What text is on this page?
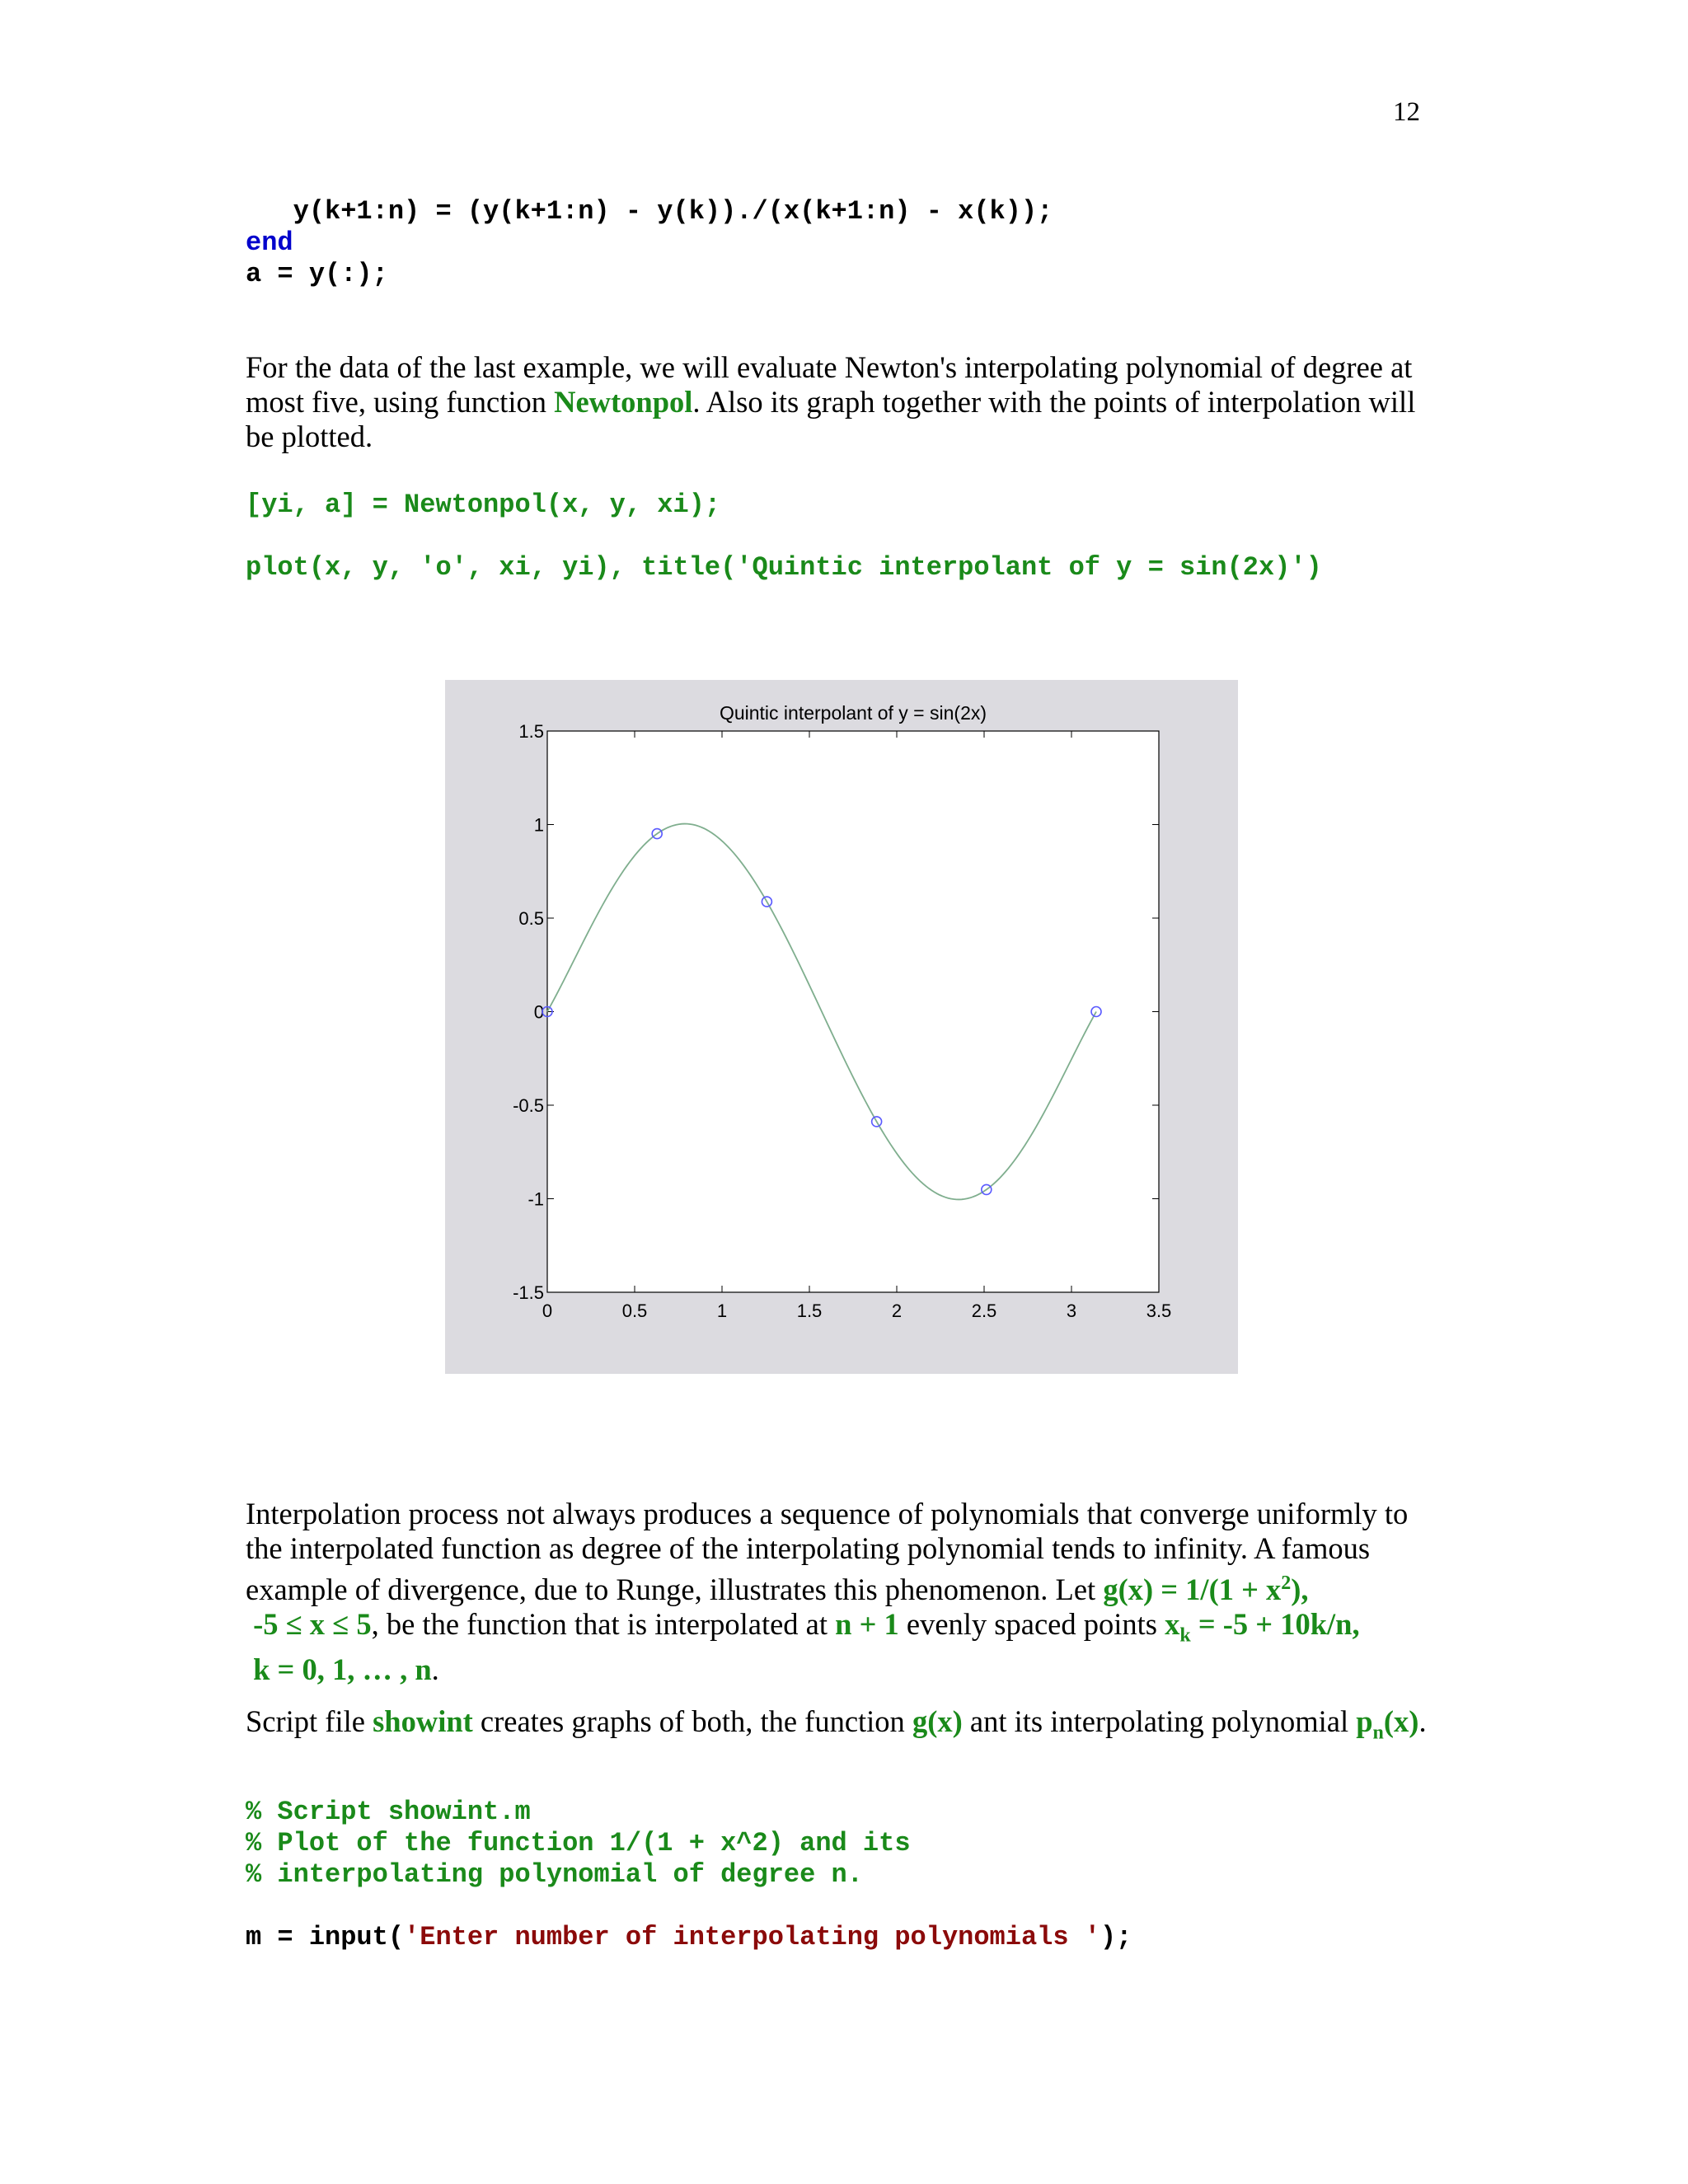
12
y(k+1:n) = (y(k+1:n) - y(k))./(x(k+1:n) - x(k));
end
a = y(:);

For the data of the last example, we will evaluate Newton's interpolating polynomial of degree at most five, using function Newtonpol. Also its graph together with the points of interpolation will be plotted.

[yi, a] = Newtonpol(x, y, xi);
plot(x, y, 'o', xi, yi), title('Quintic interpolant of y = sin(2x)')
Quintic interpolant of y = sin(2x)
0	0.5	1	1.5	2	2.5	3	3.5
1.5
1
0.5
0
-0.5
-1
-1.5

Interpolation process not always produces a sequence of polynomials that converge uniformly to the interpolated function as degree of the interpolating polynomial tends to infinity. A famous example of divergence, due to Runge, illustrates this phenomenon. Let $g(x) = 1/(1 + x^2)$,
-5 ≤ x ≤ 5, be the function that is interpolated at n + 1 evenly spaced points $x_k = -5 + 10k/n$,
k = 0, 1, … , n.

Script file showint creates graphs of both, the function g(x) ant its interpolating polynomial $p_n(x)$.

% Script showint.m
% Plot of the function 1/(1 + x^2) and its
% interpolating polynomial of degree n.
m = input('Enter number of interpolating polynomials ');
